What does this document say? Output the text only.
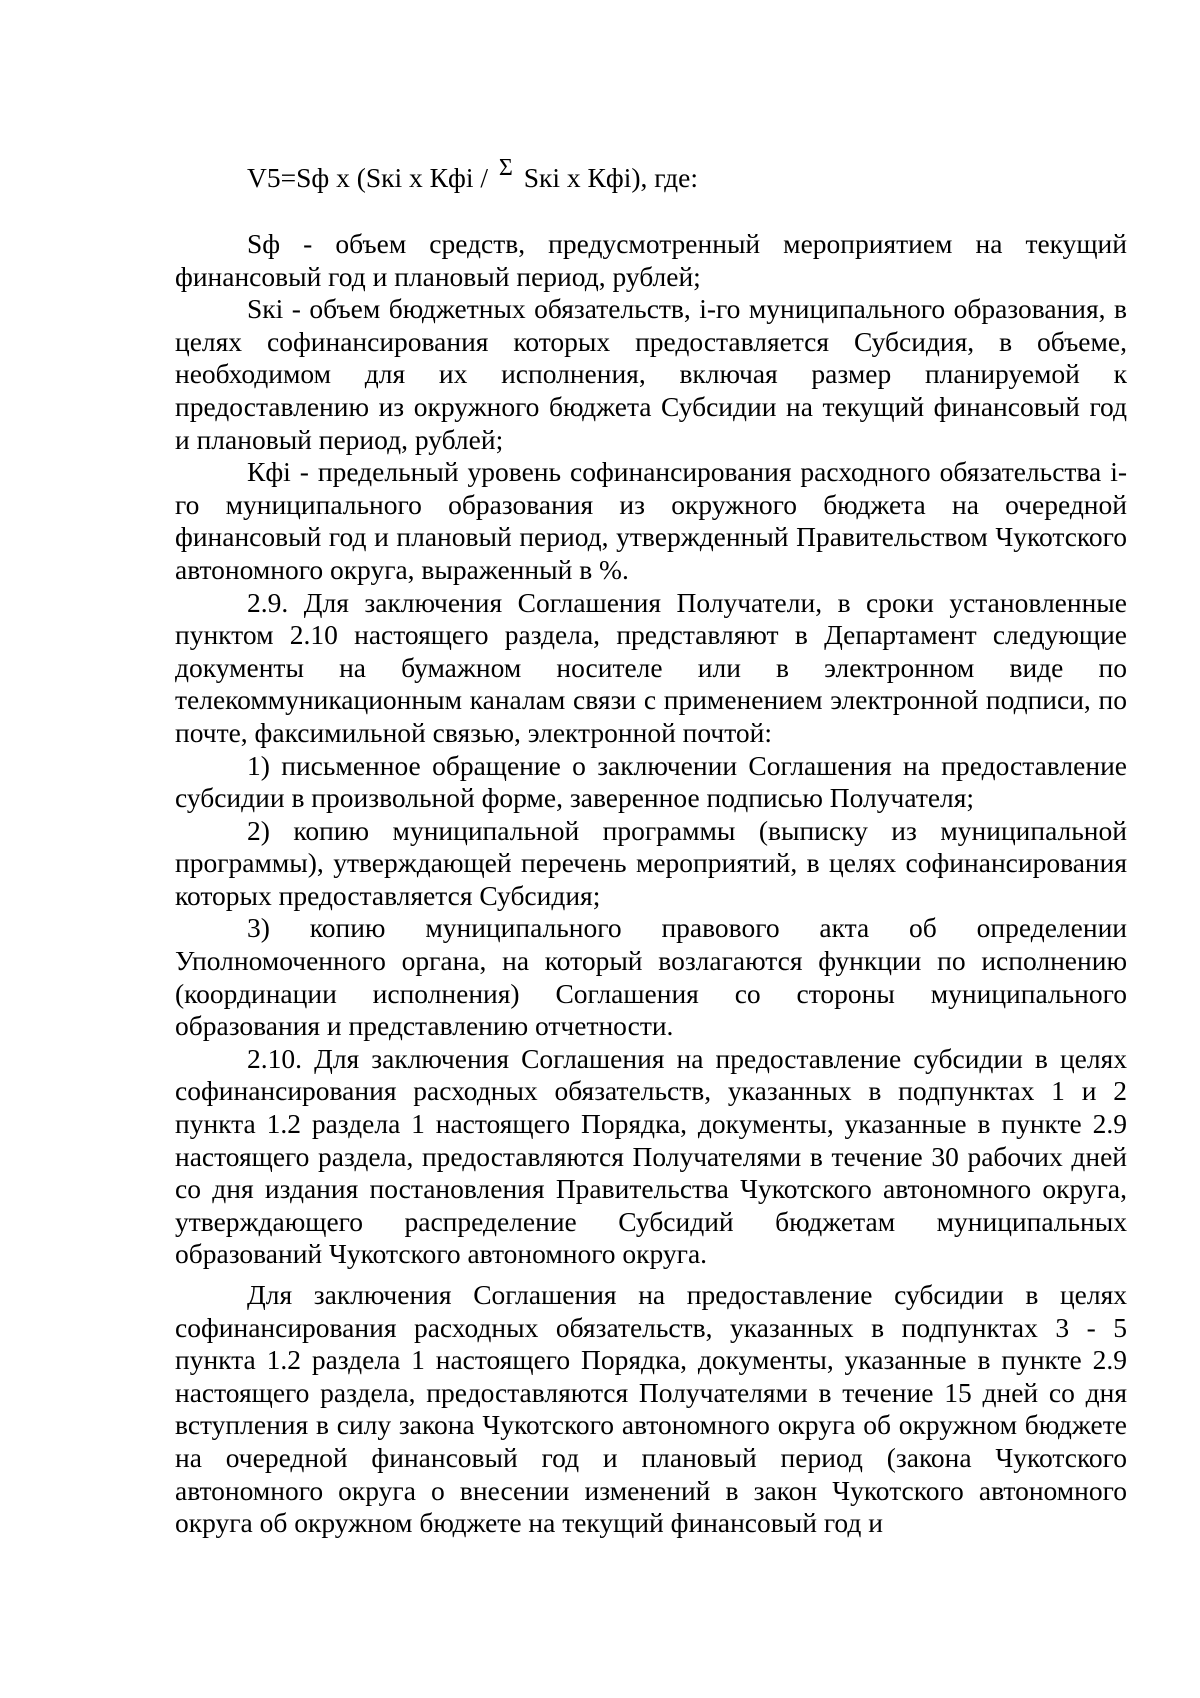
V5=Sф х (Sкi х Кфi / Σ Sкi х Кфi), где:

Sф - объем средств, предусмотренный мероприятием на текущий финансовый год и плановый период, рублей;

Sкi - объем бюджетных обязательств, i-го муниципального образования, в целях софинансирования которых предоставляется Субсидия, в объеме, необходимом для их исполнения, включая размер планируемой к предоставлению из окружного бюджета Субсидии на текущий финансовый год и плановый период, рублей;

Кфi - предельный уровень софинансирования расходного обязательства i-го муниципального образования из окружного бюджета на очередной финансовый год и плановый период, утвержденный Правительством Чукотского автономного округа, выраженный в %.

2.9. Для заключения Соглашения Получатели, в сроки установленные пунктом 2.10 настоящего раздела, представляют в Департамент следующие документы на бумажном носителе или в электронном виде по телекоммуникационным каналам связи с применением электронной подписи, по почте, факсимильной связью, электронной почтой:

1) письменное обращение о заключении Соглашения на предоставление субсидии в произвольной форме, заверенное подписью Получателя;

2) копию муниципальной программы (выписку из муниципальной программы), утверждающей перечень мероприятий, в целях софинансирования которых предоставляется Субсидия;

3) копию муниципального правового акта об определении Уполномоченного органа, на который возлагаются функции по исполнению (координации исполнения) Соглашения со стороны муниципального образования и представлению отчетности.

2.10. Для заключения Соглашения на предоставление субсидии в целях софинансирования расходных обязательств, указанных в подпунктах 1 и 2 пункта 1.2 раздела 1 настоящего Порядка, документы, указанные в пункте 2.9 настоящего раздела, предоставляются Получателями в течение 30 рабочих дней со дня издания постановления Правительства Чукотского автономного округа, утверждающего распределение Субсидий бюджетам муниципальных образований Чукотского автономного округа.

Для заключения Соглашения на предоставление субсидии в целях софинансирования расходных обязательств, указанных в подпунктах 3 - 5 пункта 1.2 раздела 1 настоящего Порядка, документы, указанные в пункте 2.9 настоящего раздела, предоставляются Получателями в течение 15 дней со дня вступления в силу закона Чукотского автономного округа об окружном бюджете на очередной финансовый год и плановый период (закона Чукотского автономного округа о внесении изменений в закон Чукотского автономного округа об окружном бюджете на текущий финансовый год и
